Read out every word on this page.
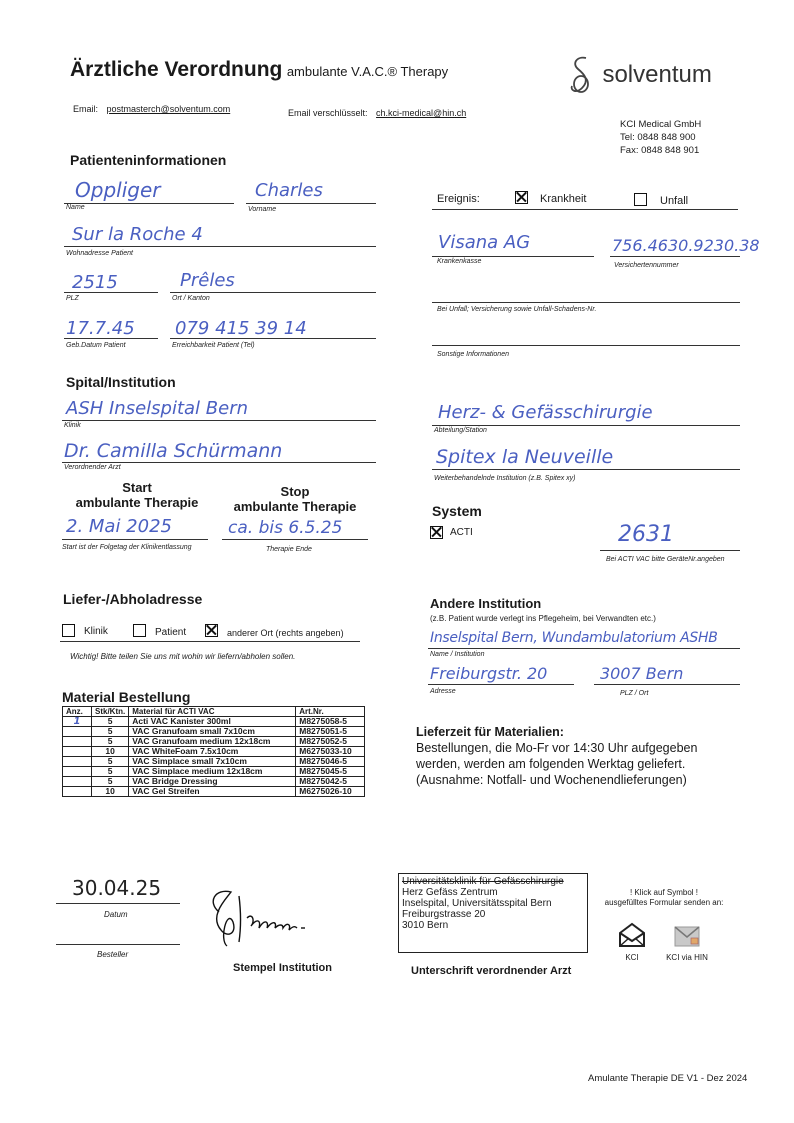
Ärztliche Verordnung ambulante V.A.C.® Therapy
Email: postmasterch@solventum.com	Email verschlüsselt: ch.kci-medical@hin.ch
solventum
KCI Medical GmbH
Tel: 0848 848 900
Fax: 0848 848 901
Patienteninformationen
Oppliger
Name
Charles
Vorname
Sur la Roche 4
Wohnadresse Patient
2515
PLZ
Prêles
Ort / Kanton
17.7.45
Geb.Datum Patient
079 415 39 14
Erreichbarkeit Patient (Tel)
Ereignis:	Krankheit	Unfall
Visana AG
Krankenkasse
756.4630.9230.38
Versichertennummer
Bei Unfall; Versicherung sowie Unfall-Schadens-Nr.
Sonstige Informationen
Spital/Institution
ASH Inselspital Bern
Klinik
Dr. Camilla Schürmann
Verordnender Arzt
Herz- & Gefässchirurgie
Abteilung/Station
Spitex la Neuveille
Weiterbehandelnde Institution (z.B. Spitex xy)
Start
ambulante Therapie
Stop
ambulante Therapie
2. Mai 2025
Start ist der Folgetag der Klinikentlassung
ca. bis 6.5.25
Therapie Ende
System
ACTI	2631
Bei ACTI VAC bitte GeräteNr.angeben
Liefer-/Abholadresse
Klinik	Patient	anderer Ort (rechts angeben)
Wichtig! Bitte teilen Sie uns mit wohin wir liefern/abholen sollen.
Andere Institution
(z.B. Patient wurde verlegt ins Pflegeheim, bei Verwandten etc.)
Inselspital Bern, Wundambulatorium ASHB
Name / Institution
Freiburgstr. 20
Adresse
3007 Bern
PLZ / Ort
Material Bestellung
Anz.	Stk/Ktn.	Material für ACTI VAC	Art.Nr.
1	5	Acti VAC Kanister 300ml	M8275058-5
	5	VAC Granufoam small 7x10cm	M8275051-5
	5	VAC Granufoam medium 12x18cm	M8275052-5
	10	VAC WhiteFoam 7.5x10cm	M6275033-10
	5	VAC Simplace small 7x10cm	M8275046-5
	5	VAC Simplace medium 12x18cm	M8275045-5
	5	VAC Bridge Dressing	M8275042-5
	10	VAC Gel Streifen	M6275026-10
Lieferzeit für Materialien:
Bestellungen, die Mo-Fr vor 14:30 Uhr aufgegeben
werden, werden am folgenden Werktag geliefert.
(Ausnahme: Notfall- und Wochenendlieferungen)
30.04.25
Datum
Besteller
Stempel Institution
Universitätsklinik für Gefässchirurgie
Herz Gefäss Zentrum
Inselspital, Universitätsspital Bern
Freiburgstrasse 20
3010 Bern
Unterschrift verordnender Arzt
! Klick auf Symbol !
ausgefülltes Formular senden an:
KCI	KCI via HIN
Amulante Therapie DE V1 - Dez 2024
